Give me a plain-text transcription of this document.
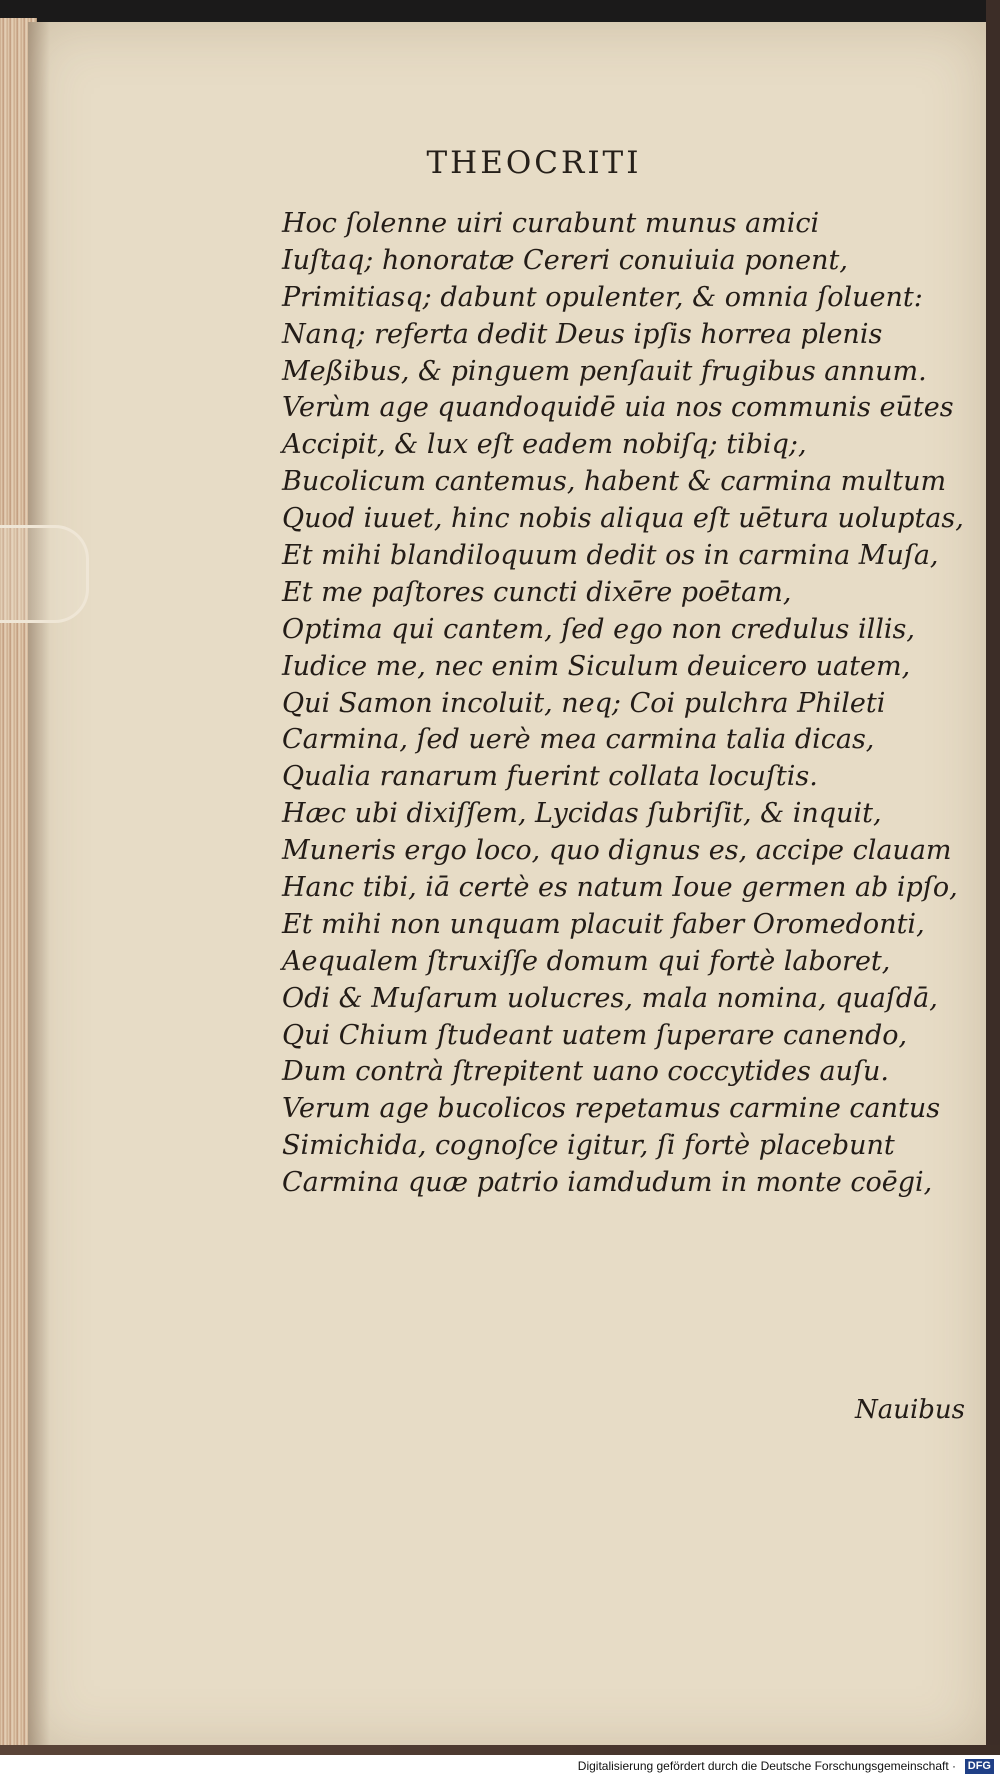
THEOCRITI
Hoc ſolenne uiri curabunt munus amici
Iuſtaq; honoratæ Cereri conuiuia ponent,
Primitiasq; dabunt opulenter, & omnia ſoluent:
Nanq; referta dedit Deus ipſis horrea plenis
Meßibus, & pinguem penſauit frugibus annum.
Verùm age quandoquidē uia nos communis eūtes
Accipit, & lux eſt eadem nobiſq; tibiq;,
Bucolicum cantemus, habent & carmina multum
Quod iuuet, hinc nobis aliqua eſt uētura uoluptas,
Et mihi blandiloquum dedit os in carmina Muſa,
Et me paſtores cuncti dixēre poētam,
Optima qui cantem, ſed ego non credulus illis,
Iudice me, nec enim Siculum deuicero uatem,
Qui Samon incoluit, neq; Coi pulchra Phileti
Carmina, ſed uerè mea carmina talia dicas,
Qualia ranarum fuerint collata locuſtis.
Hæc ubi dixiſſem, Lycidas ſubriſit, & inquit,
Muneris ergo loco, quo dignus es, accipe clauam
Hanc tibi, iā certè es natum Ioue germen ab ipſo,
Et mihi non unquam placuit faber Oromedonti,
Aequalem ſtruxiſſe domum qui fortè laboret,
Odi & Muſarum uolucres, mala nomina, quaſdā,
Qui Chium ſtudeant uatem ſuperare canendo,
Dum contrà ſtrepitent uano coccytides auſu.
Verum age bucolicos repetamus carmine cantus
Simichida, cognoſce igitur, ſi fortè placebunt
Carmina quæ patrio iamdudum in monte coēgi,
Nauibus
Digitalisierung gefördert durch die Deutsche Forschungsgemeinschaft · DFG
